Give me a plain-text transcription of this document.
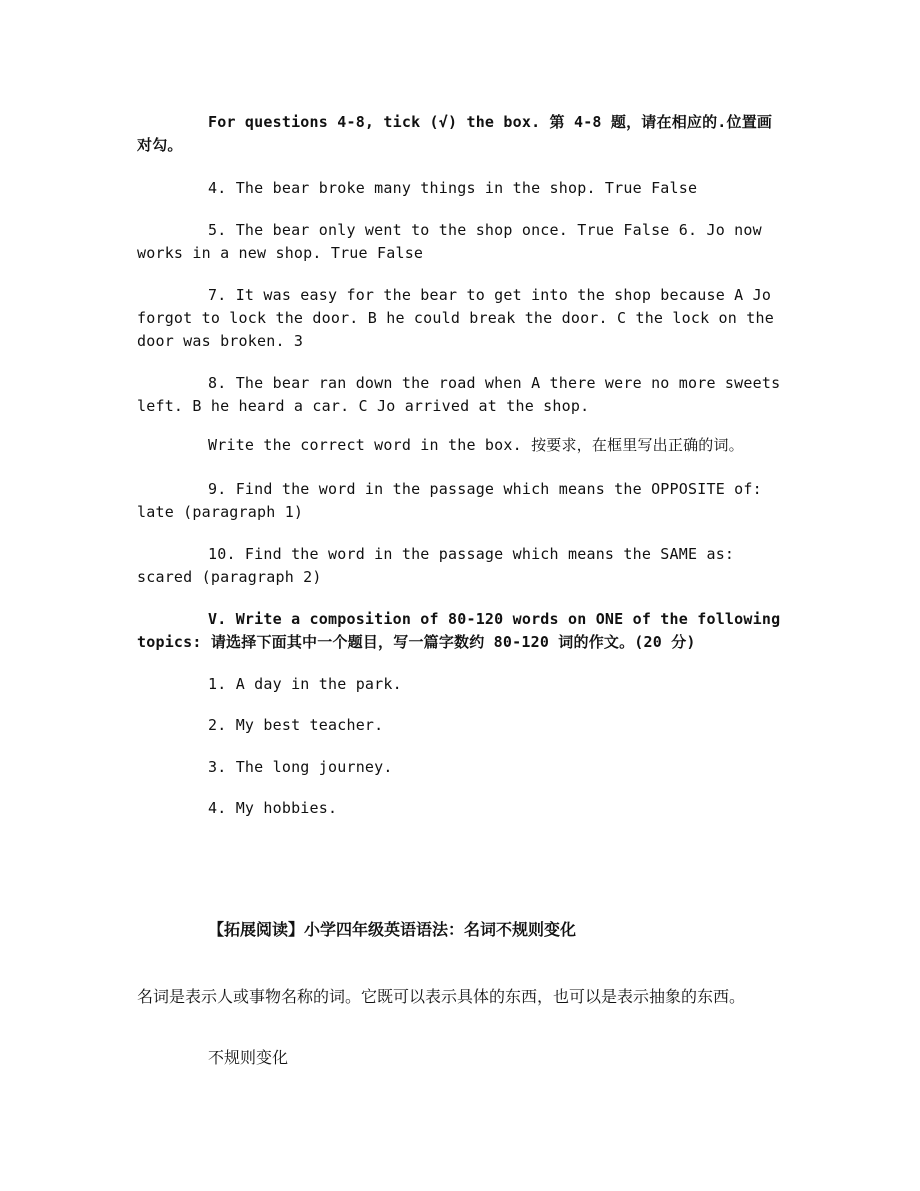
For questions 4-8, tick (√) the box. 第 4-8 题，请在相应的.位置画对勾。
4. The bear broke many things in the shop. True False
5. The bear only went to the shop once. True False 6. Jo now works in a new shop. True False
7. It was easy for the bear to get into the shop because A Jo forgot to lock the door. B he could break the door. C the lock on the door was broken. 3
8. The bear ran down the road when A there were no more sweets left. B he heard a car. C Jo arrived at the shop.
Write the correct word in the box. 按要求，在框里写出正确的词。
9. Find the word in the passage which means the OPPOSITE of: late (paragraph 1)
10. Find the word in the passage which means the SAME as: scared (paragraph 2)
V. Write a composition of 80-120 words on ONE of the following topics: 请选择下面其中一个题目，写一篇字数约 80-120 词的作文。(20 分)
1. A day in the park.
2. My best teacher.
3. The long journey.
4. My hobbies.
【拓展阅读】小学四年级英语语法：名词不规则变化
名词是表示人或事物名称的词。它既可以表示具体的东西，也可以是表示抽象的东西。
不规则变化
